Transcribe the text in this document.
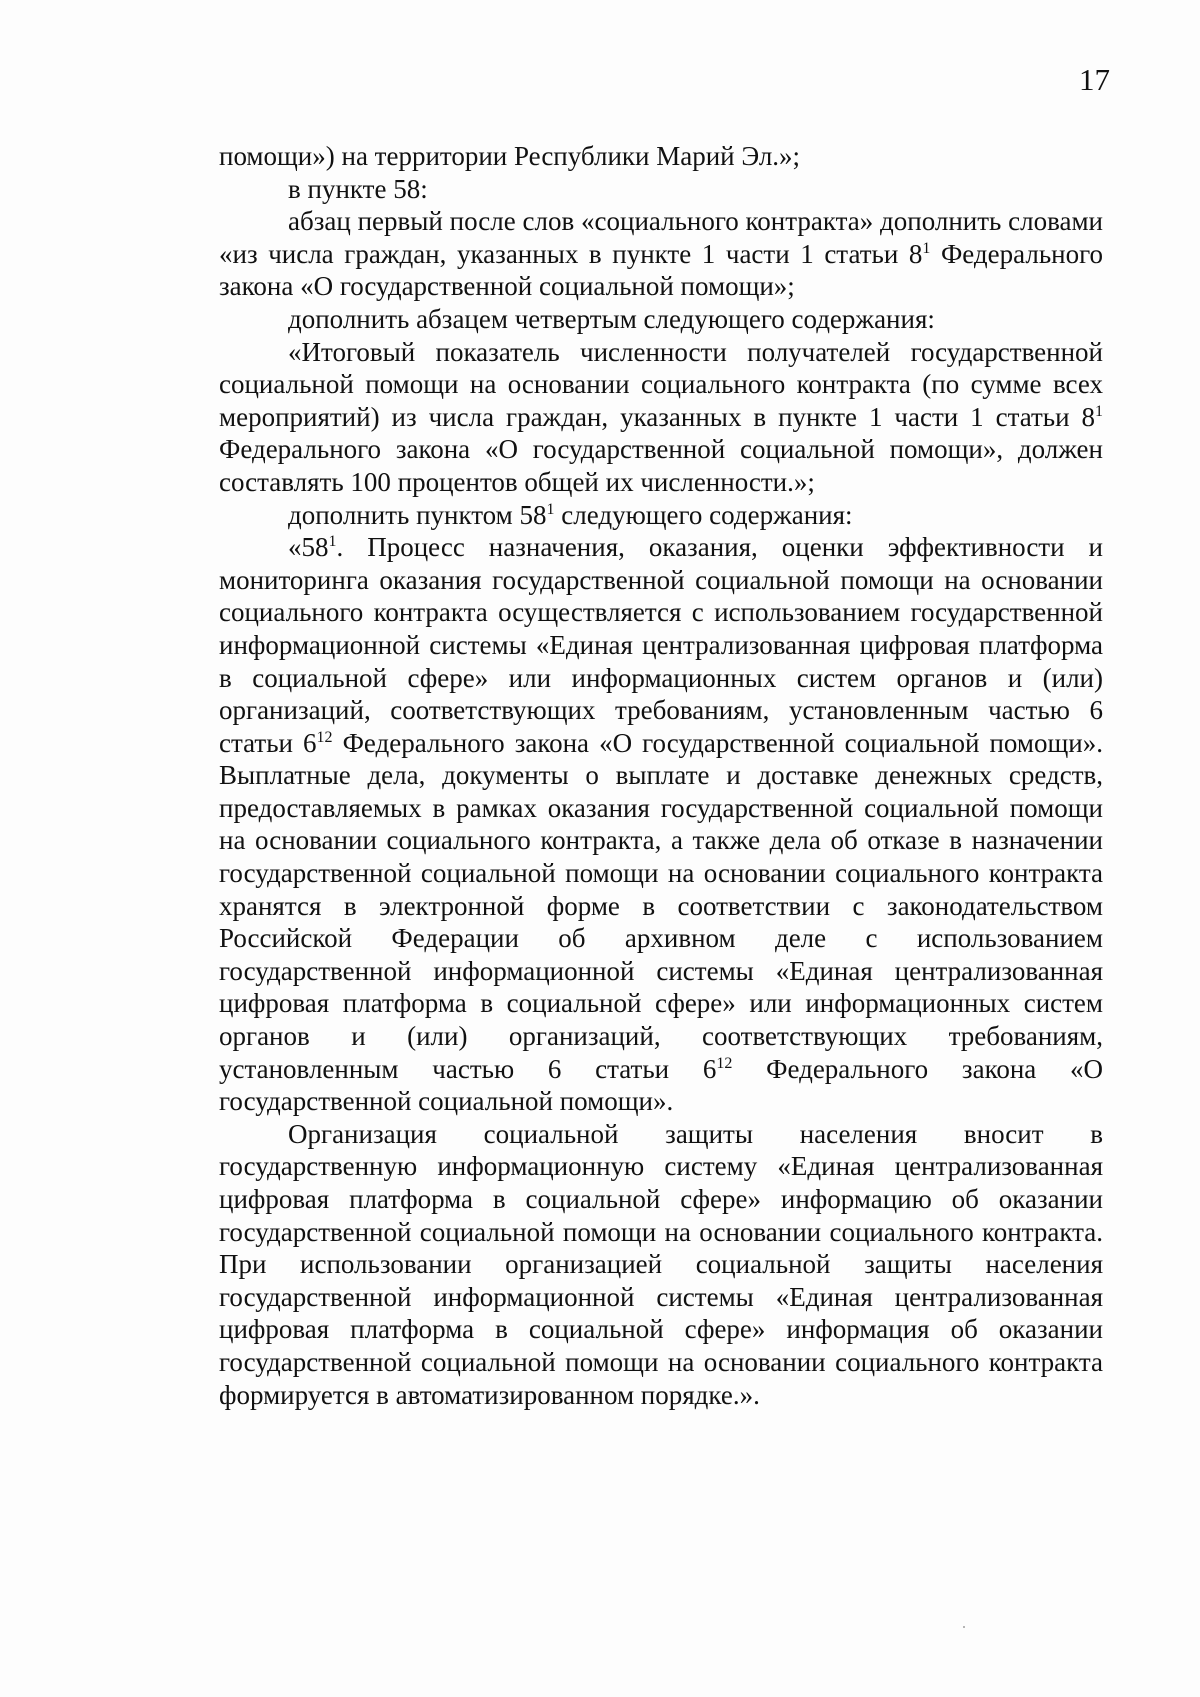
17

помощи») на территории Республики Марий Эл.»;

в пункте 58:

абзац первый после слов «социального контракта» дополнить словами «из числа граждан, указанных в пункте 1 части 1 статьи $8^1$ Федерального закона «О государственной социальной помощи»;

дополнить абзацем четвертым следующего содержания:

«Итоговый показатель численности получателей государственной социальной помощи на основании социального контракта (по сумме всех мероприятий) из числа граждан, указанных в пункте 1 части 1 статьи $8^1$ Федерального закона «О государственной социальной помощи», должен составлять 100 процентов общей их численности.»;

дополнить пунктом $58^1$ следующего содержания:

«$58^1$. Процесс назначения, оказания, оценки эффективности и мониторинга оказания государственной социальной помощи на основании социального контракта осуществляется с использованием государственной информационной системы «Единая централизованная цифровая платформа в социальной сфере» или информационных систем органов и (или) организаций, соответствующих требованиям, установленным частью 6 статьи $6^{12}$ Федерального закона «О государственной социальной помощи». Выплатные дела, документы о выплате и доставке денежных средств, предоставляемых в рамках оказания государственной социальной помощи на основании социального контракта, а также дела об отказе в назначении государственной социальной помощи на основании социального контракта хранятся в электронной форме в соответствии с законодательством Российской Федерации об архивном деле с использованием государственной информационной системы «Единая централизованная цифровая платформа в социальной сфере» или информационных систем органов и (или) организаций, соответствующих требованиям, установленным частью 6 статьи $6^{12}$ Федерального закона «О государственной социальной помощи».

Организация социальной защиты населения вносит в государственную информационную систему «Единая централизованная цифровая платформа в социальной сфере» информацию об оказании государственной социальной помощи на основании социального контракта. При использовании организацией социальной защиты населения государственной информационной системы «Единая централизованная цифровая платформа в социальной сфере» информация об оказании государственной социальной помощи на основании социального контракта формируется в автоматизированном порядке.».
